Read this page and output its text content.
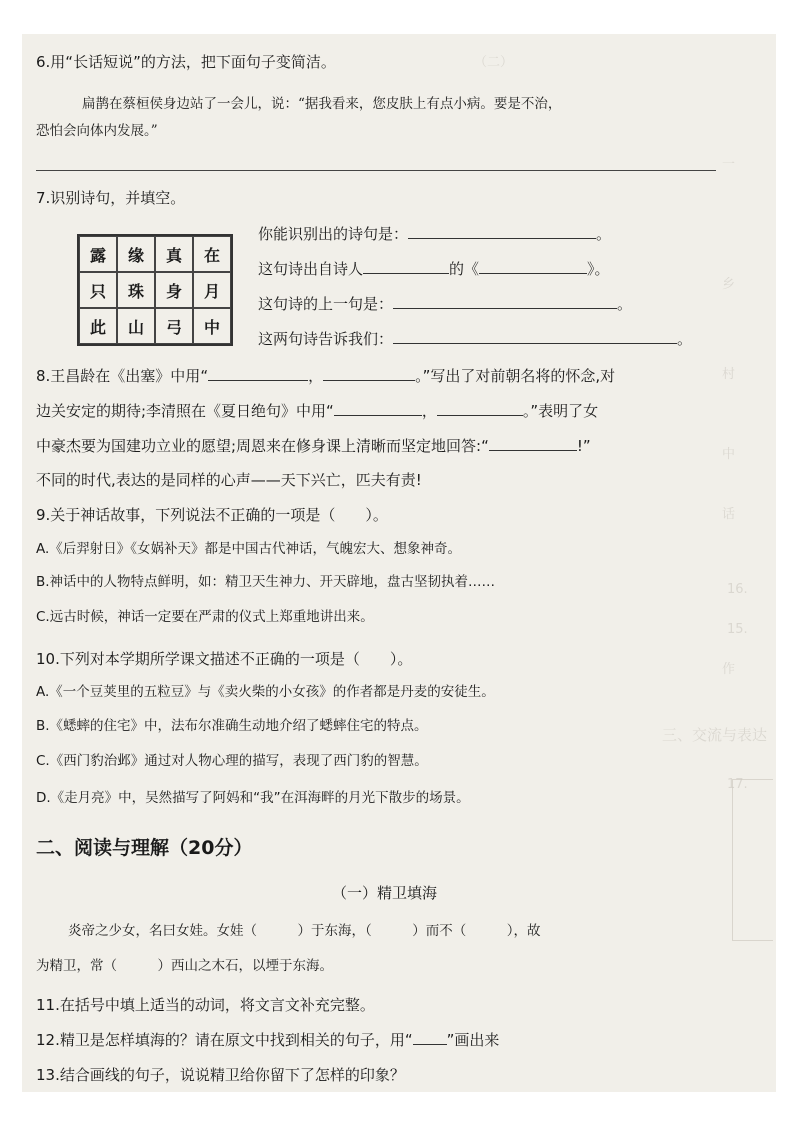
（二）
一
乡
村
中
话
作
三、交流与表达
17.
16.
15.
6.用“长话短说”的方法，把下面句子变简洁。
扁鹊在蔡桓侯身边站了一会儿，说：“据我看来，您皮肤上有点小病。要是不治，
恐怕会向体内发展。”
7.识别诗句，并填空。
露	缘	真	在
只	珠	身	月
此	山	弓	中
你能识别出的诗句是：	。
这句诗出自诗人	的《	》。
这句诗的上一句是：	。
这两句诗告诉我们：	。
8.王昌龄在《出塞》中用“	，	。”写出了对前朝名将的怀念,对
边关安定的期待;李清照在《夏日绝句》中用“	，	。”表明了女
中豪杰要为国建功立业的愿望;周恩来在修身课上清晰而坚定地回答:“	!”
不同的时代,表达的是同样的心声——天下兴亡，匹夫有责!
9.关于神话故事，下列说法不正确的一项是（　　）。
A.《后羿射日》《女娲补天》都是中国古代神话，气魄宏大、想象神奇。
B.神话中的人物特点鲜明，如：精卫天生神力、开天辟地，盘古坚韧执着……
C.远古时候，神话一定要在严肃的仪式上郑重地讲出来。
10.下列对本学期所学课文描述不正确的一项是（　　）。
A.《一个豆荚里的五粒豆》与《卖火柴的小女孩》的作者都是丹麦的安徒生。
B.《蟋蟀的住宅》中，法布尔准确生动地介绍了蟋蟀住宅的特点。
C.《西门豹治邺》通过对人物心理的描写，表现了西门豹的智慧。
D.《走月亮》中，吴然描写了阿妈和“我”在洱海畔的月光下散步的场景。
二、阅读与理解（20分）
（一）精卫填海
炎帝之少女，名曰女娃。女娃（　　　）于东海，（　　　）而不（　　　），故
为精卫，常（　　　）西山之木石，以堙于东海。
11.在括号中填上适当的动词，将文言文补充完整。
12.精卫是怎样填海的？请在原文中找到相关的句子，用“ ”画出来
13.结合画线的句子，说说精卫给你留下了怎样的印象？
